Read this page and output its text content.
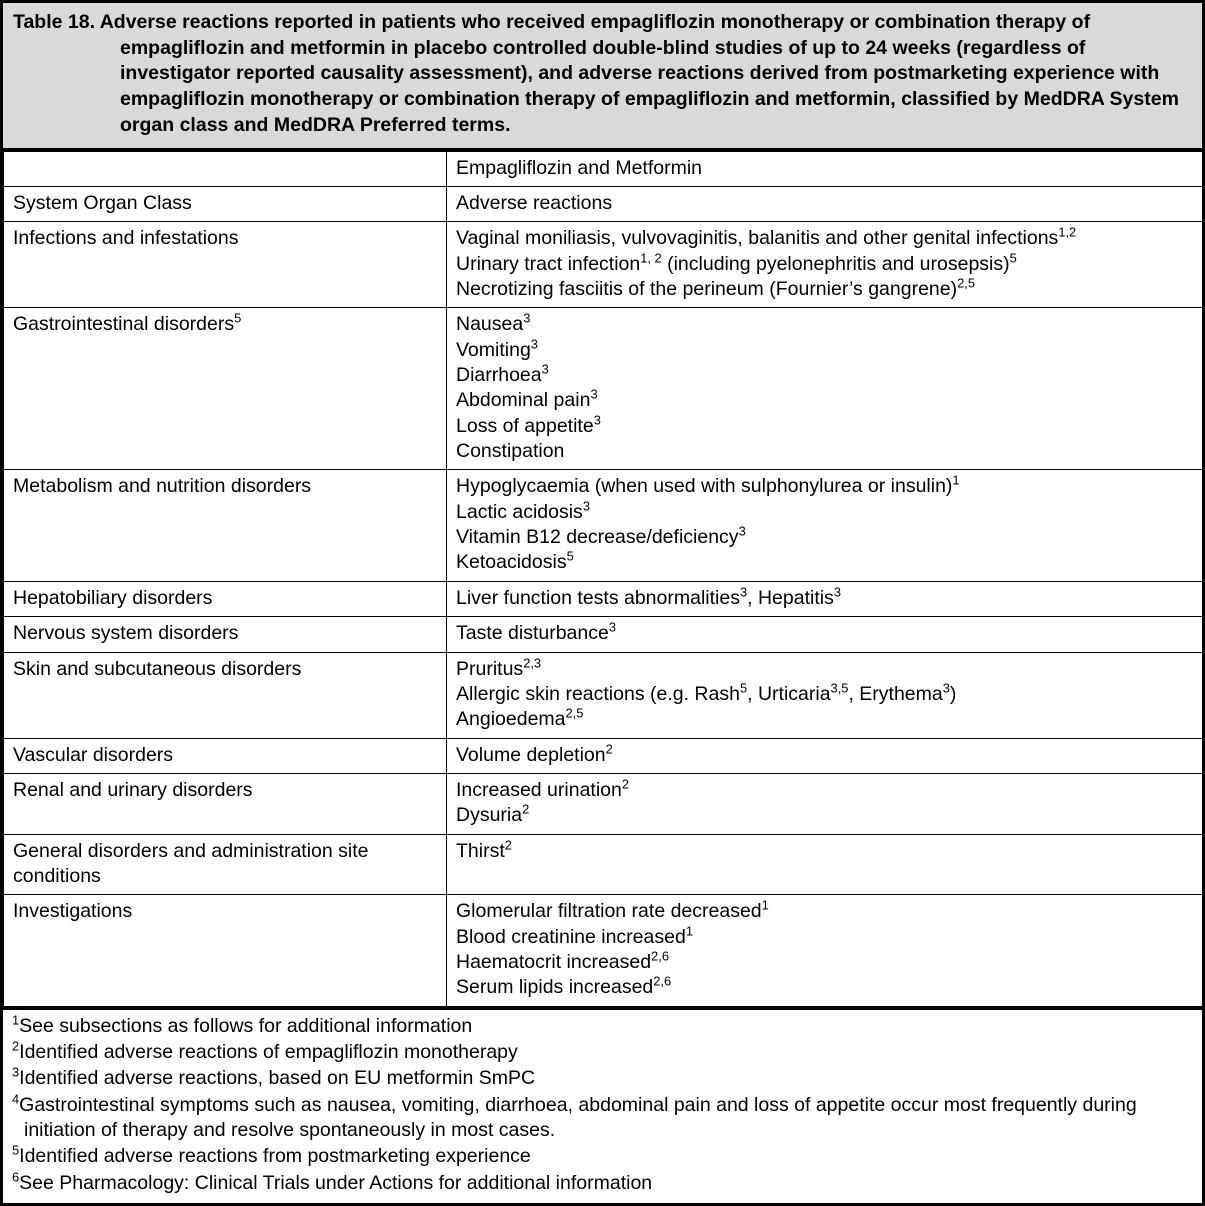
Table 18. Adverse reactions reported in patients who received empagliflozin monotherapy or combination therapy of empagliflozin and metformin in placebo controlled double-blind studies of up to 24 weeks (regardless of investigator reported causality assessment), and adverse reactions derived from postmarketing experience with empagliflozin monotherapy or combination therapy of empagliflozin and metformin, classified by MedDRA System organ class and MedDRA Preferred terms.
	Empagliflozin and Metformin
System Organ Class	Adverse reactions
Infections and infestations	Vaginal moniliasis, vulvovaginitis, balanitis and other genital infections$^{1,2}$
Urinary tract infection$^{1, 2}$ (including pyelonephritis and urosepsis)$^5$
Necrotizing fasciitis of the perineum (Fournier’s gangrene)$^{2,5}$

Gastrointestinal disorders$^5$	Nausea$^3$
Vomiting$^3$
Diarrhoea$^3$
Abdominal pain$^3$
Loss of appetite$^3$
Constipation

Metabolism and nutrition disorders	Hypoglycaemia (when used with sulphonylurea or insulin)$^1$
Lactic acidosis$^3$
Vitamin B12 decrease/deficiency$^3$
Ketoacidosis$^5$

Hepatobiliary disorders	Liver function tests abnormalities$^3$, Hepatitis$^3$

Nervous system disorders	Taste disturbance$^3$

Skin and subcutaneous disorders	Pruritus$^{2,3}$
Allergic skin reactions (e.g. Rash$^5$, Urticaria$^{3,5}$, Erythema$^3$)
Angioedema$^{2,5}$

Vascular disorders	Volume depletion$^2$

Renal and urinary disorders	Increased urination$^2$
Dysuria$^2$

General disorders and administration site conditions	Thirst$^2$

Investigations	Glomerular filtration rate decreased$^1$
Blood creatinine increased$^1$
Haematocrit increased$^{2,6}$
Serum lipids increased$^{2,6}$
$^1$See subsections as follows for additional information
$^2$Identified adverse reactions of empagliflozin monotherapy
$^3$Identified adverse reactions, based on EU metformin SmPC
$^4$Gastrointestinal symptoms such as nausea, vomiting, diarrhoea, abdominal pain and loss of appetite occur most frequently during initiation of therapy and resolve spontaneously in most cases.
$^5$Identified adverse reactions from postmarketing experience
$^6$See Pharmacology: Clinical Trials under Actions for additional information
